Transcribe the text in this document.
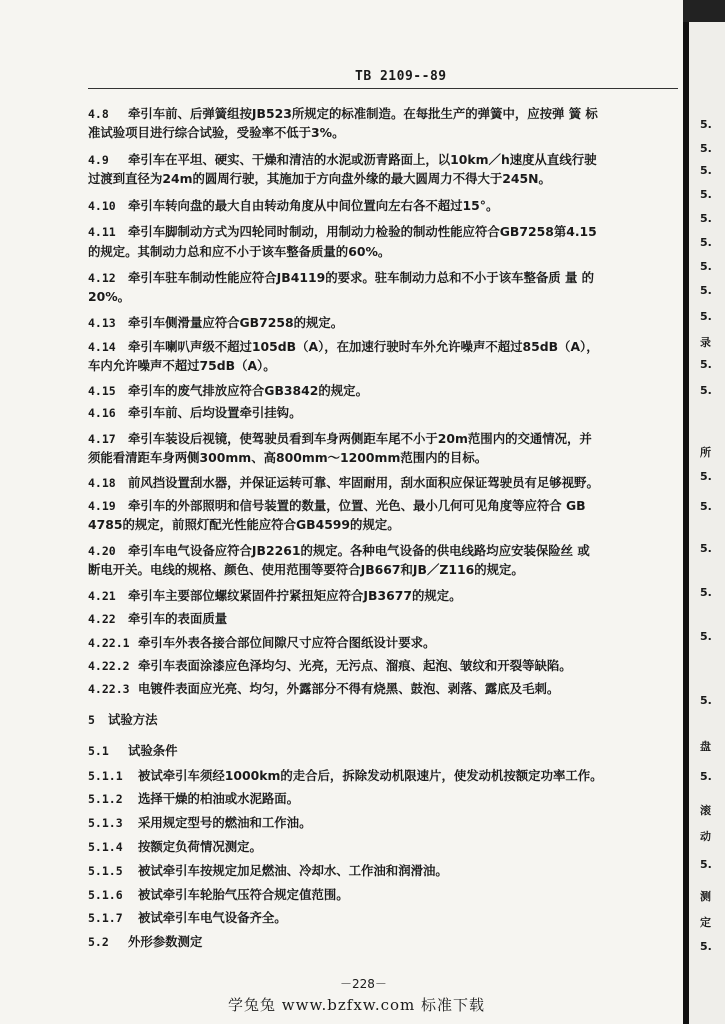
TB 2109--89
4.8 牵引车前、后弹簧组按JB523所规定的标准制造。在每批生产的弹簧中，应按弹 簧 标
准试验项目进行综合试验，受验率不低于3%。
4.9 牵引车在平坦、硬实、干燥和清洁的水泥或沥青路面上，以10km／h速度从直线行驶
过渡到直径为24m的圆周行驶，其施加于方向盘外缘的最大圆周力不得大于245N。
4.10 牵引车转向盘的最大自由转动角度从中间位置向左右各不超过15°。
4.11 牵引车脚制动方式为四轮同时制动，用制动力检验的制动性能应符合GB7258第4.15
的规定。其制动力总和应不小于该车整备质量的60%。
4.12 牵引车驻车制动性能应符合JB4119的要求。驻车制动力总和不小于该车整备质 量 的
20%。
4.13 牵引车侧滑量应符合GB7258的规定。
4.14 牵引车喇叭声级不超过105dB（A），在加速行驶时车外允许噪声不超过85dB（A），
车内允许噪声不超过75dB（A）。
4.15 牵引车的废气排放应符合GB3842的规定。
4.16 牵引车前、后均设置牵引挂钩。
4.17 牵引车装设后视镜，使驾驶员看到车身两侧距车尾不小于20m范围内的交通情况，并
须能看清距车身两侧300mm、高800mm～1200mm范围内的目标。
4.18 前风挡设置刮水器，并保证运转可靠、牢固耐用，刮水面积应保证驾驶员有足够视野。
4.19 牵引车的外部照明和信号装置的数量，位置、光色、最小几何可见角度等应符合 GB
4785的规定，前照灯配光性能应符合GB4599的规定。
4.20 牵引车电气设备应符合JB2261的规定。各种电气设备的供电线路均应安装保险丝 或
断电开关。电线的规格、颜色、使用范围等要符合JB667和JB／Z116的规定。
4.21 牵引车主要部位螺纹紧固件拧紧扭矩应符合JB3677的规定。
4.22 牵引车的表面质量
4.22.1 牵引车外表各接合部位间隙尺寸应符合图纸设计要求。
4.22.2 牵引车表面涂漆应色泽均匀、光亮，无污点、溜痕、起泡、皱纹和开裂等缺陷。
4.22.3 电镀件表面应光亮、均匀，外露部分不得有烧黑、鼓泡、剥落、露底及毛刺。
5 试验方法
5.1 试验条件
5.1.1 被试牵引车须经1000km的走合后，拆除发动机限速片，使发动机按额定功率工作。
5.1.2 选择干燥的柏油或水泥路面。
5.1.3 采用规定型号的燃油和工作油。
5.1.4 按额定负荷情况测定。
5.1.5 被试牵引车按规定加足燃油、冷却水、工作油和润滑油。
5.1.6 被试牵引车轮胎气压符合规定值范围。
5.1.7 被试牵引车电气设备齐全。
5.2 外形参数测定
－228－
学兔兔 www.bzfxw.com 标准下载
5.
5.
5.
5.
5.
5.
5.
5.
5.
录
5.
5.
所
5.
5.
5.
5.
5.
5.
盘
5.
滚
动
5.
测
定
5.
